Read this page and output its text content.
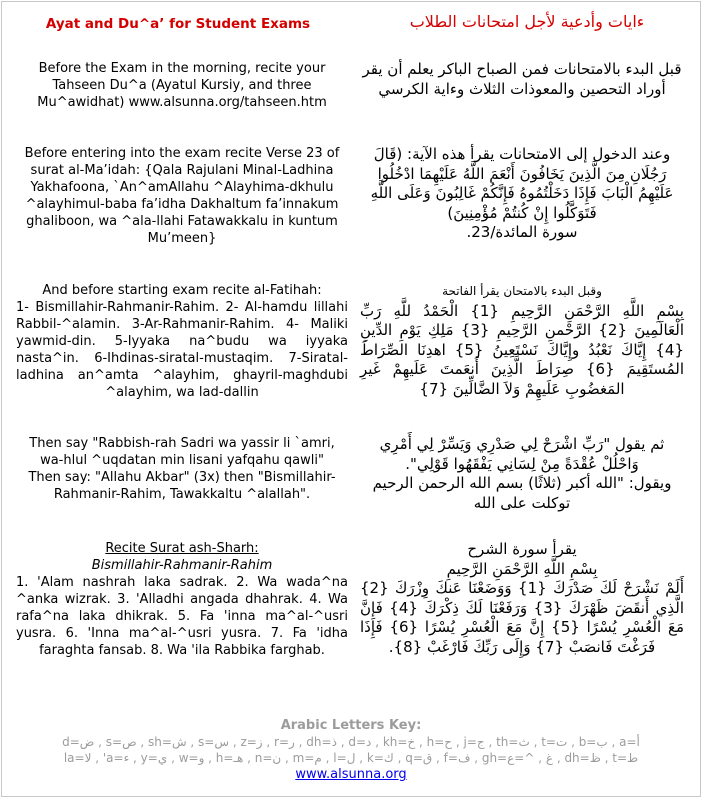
Ayat and Du^a’ for Student Exams	ءايات وأدعية لأجل امتحانات الطلاب

Before the Exam in the morning, recite your Tahseen Du^a (Ayatul Kursiy, and three Mu^awidhat) www.alsunna.org/tahseen.htm

قبل البدء بالامتحانات فمن الصباح الباكر يعلم أن يقر أوراد التحصين والمعوذات الثلاث وءاية الكرسي

Before entering into the exam recite Verse 23 of surat al-Ma’idah: {Qala Rajulani Minal-Ladhina Yakhafoona, `An^amAllahu ^Alayhima-dkhulu ^alayhimul-baba fa’idha Dakhaltum fa’innakum ghaliboon, wa ^ala-llahi Fatawakkalu in kuntum Mu’meen}

وعند الدخول إلى الامتحانات يقرأ هذه الآية: (قَالَ رَجُلَانِ مِنَ الَّذِينَ يَخَافُونَ أَنْعَمَ اللَّهُ عَلَيْهِمَا ادْخُلُوا عَلَيْهِمُ الْبَابَ فَإِذَا دَخَلْتُمُوهُ فَإِنَّكُمْ غَالِبُونَ وَعَلَى اللَّهِ فَتَوَكَّلُوا إِنْ كُنتُمْ مُؤْمِنِينَ)

سورة المائدة/23.

And before starting exam recite al-Fatihah:

1- Bismillahir-Rahmanir-Rahim. 2- Al-hamdu lillahi Rabbil-^alamin. 3-Ar-Rahmanir-Rahim. 4- Maliki yawmid-din. 5-Iyyaka na^budu wa iyyaka nasta^in. 6-Ihdinas-siratal-mustaqim. 7-Siratal-ladhina an^amta ^alayhim, ghayril-maghdubi ^alayhim, wa lad-dallin

وقبل البدء بالامتحان يقرأ الفاتحة

بِسْمِ اللَّهِ الرَّحْمَنِ الرَّحِيمِ {1} الْحَمْدُ للَّهِ رَبِّ الْعَالَمِينَ {2} الرَّحْمنِ الرَّحِيمِ {3} مَلِكِ يَوْمِ الدِّينِ {4} إِيَّاكَ نَعْبُدُ وإِيَّاكَ نَسْتَعِينُ {5} اهدِنَا الصِّرَاطَ المُستَقِيمَ {6} صِرَاطَ الَّذِينَ أَنعَمتَ عَلَيهِمْ غَيرِ المَغضُوبِ عَلَيهِمْ وَلاَ الضَّالِّينَ {7}

Then say "Rabbish-rah Sadri wa yassir li `amri, wa-hlul ^uqdatan min lisani yafqahu qawli"

Then say: "Allahu Akbar" (3x) then "Bismillahir-Rahmanir-Rahim, Tawakkaltu ^alallah".

ثم يقول "رَبِّ اشْرَحْ لِي صَدْرِي وَيَسِّرْ لِي أَمْرِي وَاحْلُلْ عُقْدَةً مِنْ لِسَانِي يَفْقَهُوا قَوْلِي".

ويقول: "الله أكبر (ثلاثًا) بسم الله الرحمن الرحيم توكلت على الله

Recite Surat ash-Sharh:

Bismillahir-Rahmanir-Rahim

1. 'Alam nashrah laka sadrak. 2. Wa wada^na ^anka wizrak. 3. 'Alladhi angada dhahrak. 4. Wa rafa^na laka dhikrak. 5. Fa 'inna ma^al-^usri yusra. 6. 'Inna ma^al-^usri yusra. 7. Fa 'idha faraghta fansab. 8. Wa 'ila Rabbika farghab.

يقرأ سورة الشرح

بِسْمِ اللَّهِ الرَّحْمَنِ الرَّحِيمِ

أَلَمْ نَشْرَحْ لَكَ صَدْرَكَ {1} وَوَضَعْنَا عَنكَ وِزْرَكَ {2} الَّذِي أَنقَضَ ظَهْرَكَ {3} وَرَفَعْنَا لَكَ ذِكْرَكَ {4} فَإِنَّ مَعَ الْعُسْرِ يُسْرًا {5} إِنَّ مَعَ الْعُسْرِ يُسْرًا {6} فَإِذَا فَرَغْتَ فَانصَبْ {7} وَإِلَى رَبِّكَ فَارْغَبْ {8}.

Arabic Letters Key:
d=ض , s=ص , sh=ش , s=س , z=ز , r=ر , dh=ذ , d=د , kh=خ , h=ح , j=ج , th=ث , t=ت , b=ب , a=أ
la=لا , 'a=ء , y=ي , w=و , h=هـ , n=ن , m=م , l=ل , k=ك , q=ق , f=ف , gh=غ , ^=ع , dh=ظ , t=ط
www.alsunna.org
